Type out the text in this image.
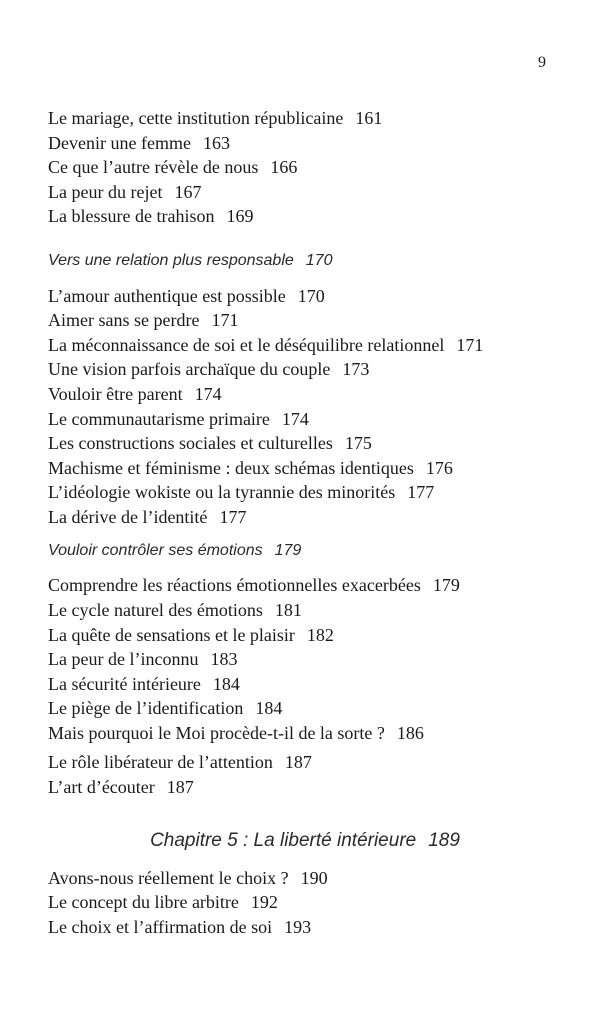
9
Le mariage, cette institution républicaine 161
Devenir une femme 163
Ce que l’autre révèle de nous 166
La peur du rejet 167
La blessure de trahison 169
Vers une relation plus responsable 170
L’amour authentique est possible 170
Aimer sans se perdre 171
La méconnaissance de soi et le déséquilibre relationnel 171
Une vision parfois archaïque du couple 173
Vouloir être parent 174
Le communautarisme primaire 174
Les constructions sociales et culturelles 175
Machisme et féminisme : deux schémas identiques 176
L’idéologie wokiste ou la tyrannie des minorités 177
La dérive de l’identité 177
Vouloir contrôler ses émotions 179
Comprendre les réactions émotionnelles exacerbées 179
Le cycle naturel des émotions 181
La quête de sensations et le plaisir 182
La peur de l’inconnu 183
La sécurité intérieure 184
Le piège de l’identification 184
Mais pourquoi le Moi procède-t-il de la sorte ? 186
Le rôle libérateur de l’attention 187
L’art d’écouter 187
Chapitre 5 : La liberté intérieure 189
Avons-nous réellement le choix ? 190
Le concept du libre arbitre 192
Le choix et l’affirmation de soi 193
